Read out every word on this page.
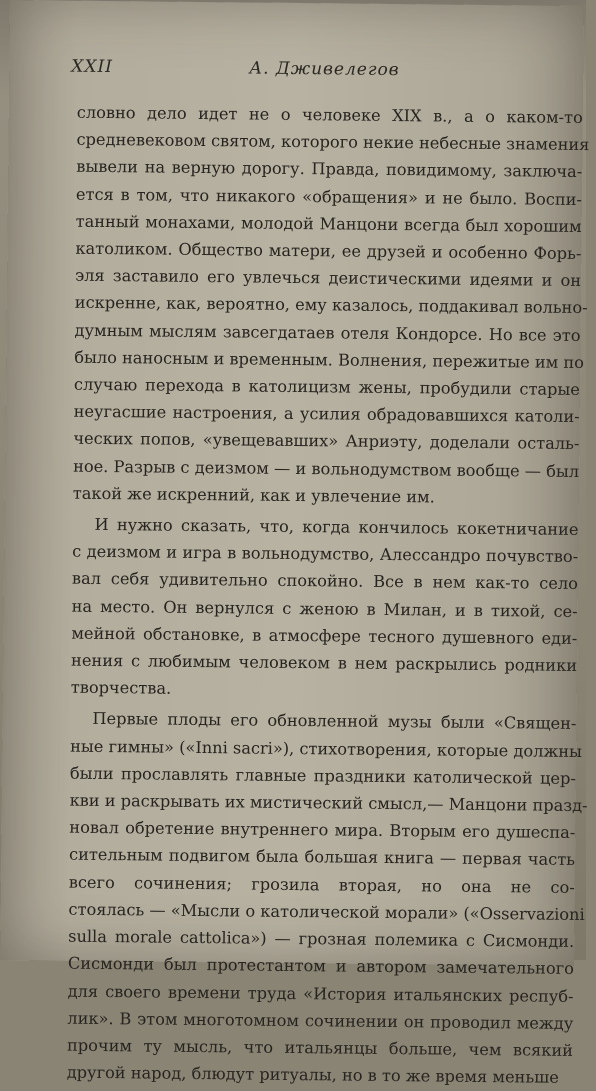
XXII	А. Дживелегов
словно дело идет не о человеке XIX в., а о каком-то
средневековом святом, которого некие небесные знамения
вывели на верную дорогу. Правда, повидимому, заключа-
ется в том, что никакого «обращения» и не было. Воспи-
танный монахами, молодой Манцони всегда был хорошим
католиком. Общество матери, ее друзей и особенно Форь-
эля заставило его увлечься деистическими идеями и он
искренне, как, вероятно, ему казалось, поддакивал вольно-
думным мыслям завсегдатаев отеля Кондорсе. Но все это
было наносным и временным. Волнения, пережитые им по
случаю перехода в католицизм жены, пробудили старые
неугасшие настроения, а усилия обрадовавшихся католи-
ческих попов, «увещевавших» Анриэту, доделали осталь-
ное. Разрыв с деизмом — и вольнодумством вообще — был
такой же искренний, как и увлечение им.
И нужно сказать, что, когда кончилось кокетничание
с деизмом и игра в вольнодумство, Алессандро почувство-
вал себя удивительно спокойно. Все в нем как-то село
на место. Он вернулся с женою в Милан, и в тихой, се-
мейной обстановке, в атмосфере тесного душевного еди-
нения с любимым человеком в нем раскрылись родники
творчества.
Первые плоды его обновленной музы были «Священ-
ные гимны» («Inni sacri»), стихотворения, которые должны
были прославлять главные праздники католической цер-
кви и раскрывать их мистический смысл,— Манцони празд-
новал обретение внутреннего мира. Вторым его душеспа-
сительным подвигом была большая книга — первая часть
всего сочинения; грозила вторая, но она не со-
стоялась — «Мысли о католической морали» («Osservazioni
sulla morale cattolica») — грозная полемика с Сисмонди.
Сисмонди был протестантом и автором замечательного
для своего времени труда «История итальянских респуб-
лик». В этом многотомном сочинении он проводил между
прочим ту мысль, что итальянцы больше, чем всякий
другой народ, блюдут ритуалы, но в то же время меньше
